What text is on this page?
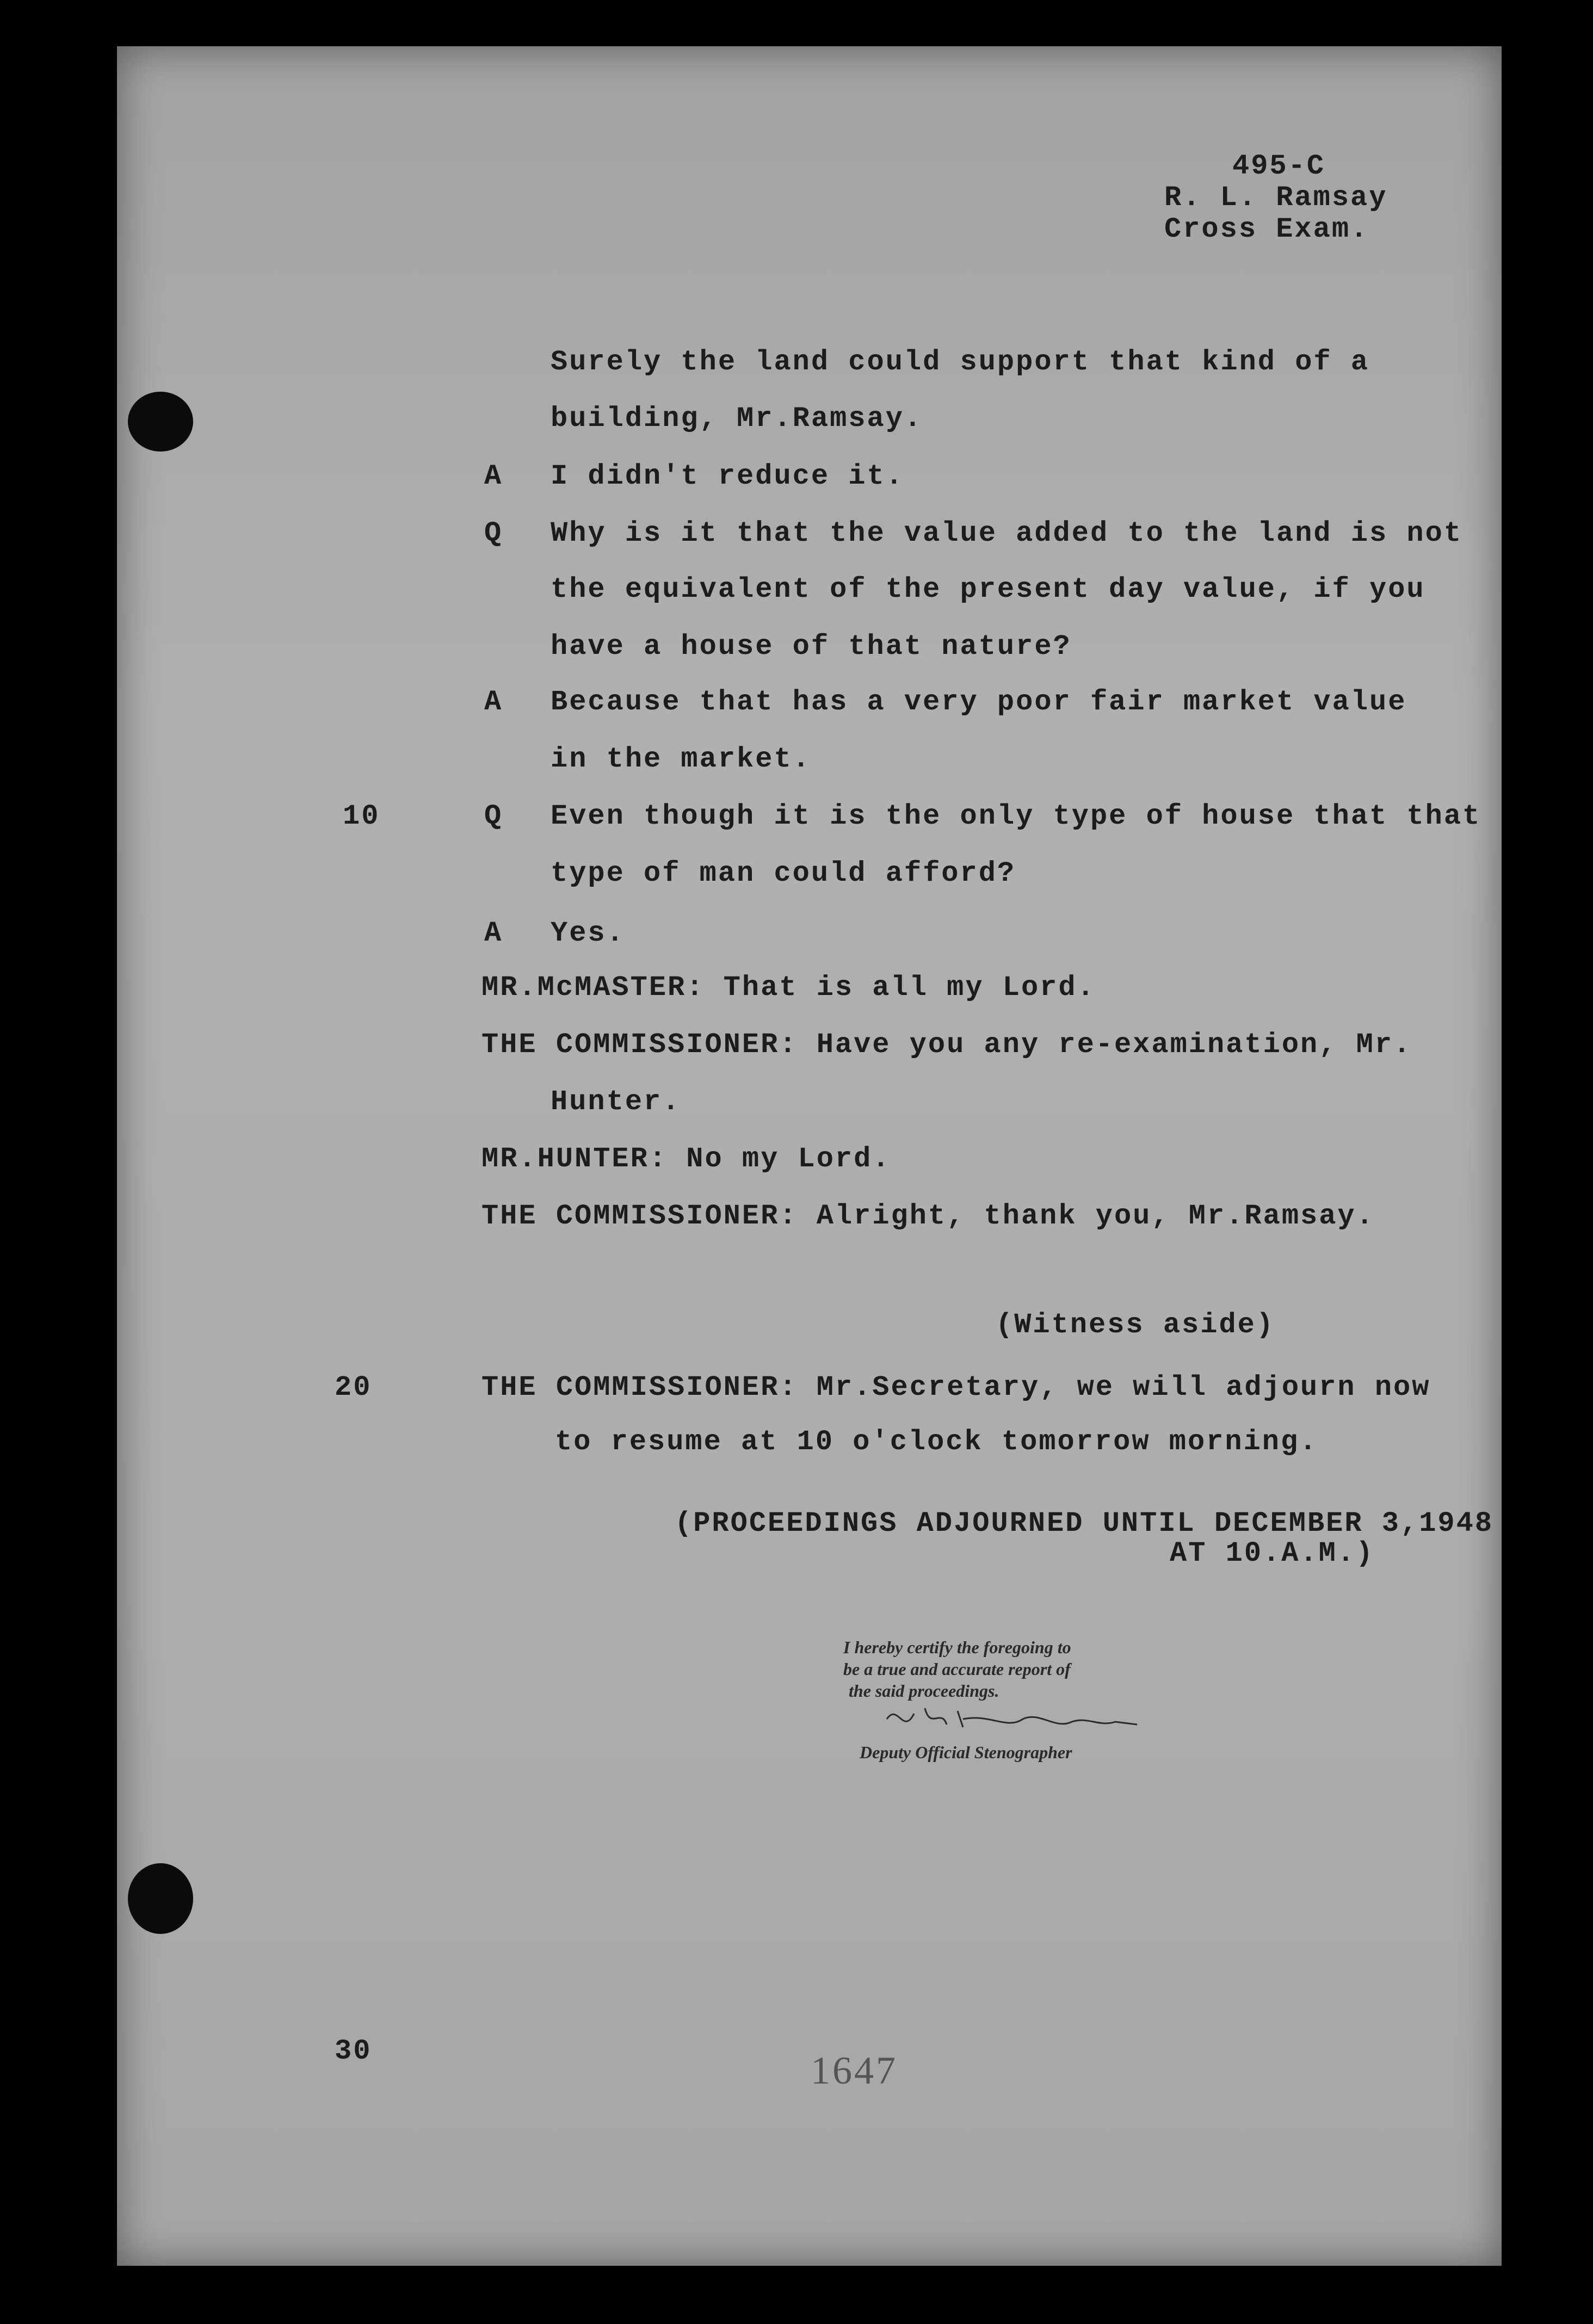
495-C
R. L. Ramsay
Cross Exam.
10
20
30
Surely the land could support that kind of a
building, Mr.Ramsay.
A I didn't reduce it.
Q Why is it that the value added to the land is not
the equivalent of the present day value, if you
have a house of that nature?
A Because that has a very poor fair market value
in the market.
Q Even though it is the only type of house that that
type of man could afford?
A Yes.
MR.McMASTER: That is all my Lord.
THE COMMISSIONER: Have you any re-examination, Mr.
Hunter.
MR.HUNTER: No my Lord.
THE COMMISSIONER: Alright, thank you, Mr.Ramsay.
(Witness aside)
THE COMMISSIONER: Mr.Secretary, we will adjourn now
to resume at 10 o'clock tomorrow morning.
(PROCEEDINGS ADJOURNED UNTIL DECEMBER 3,1948
AT 10.A.M.)
I hereby certify the foregoing to
be a true and accurate report of
the said proceedings.
Deputy Official Stenographer
1647
